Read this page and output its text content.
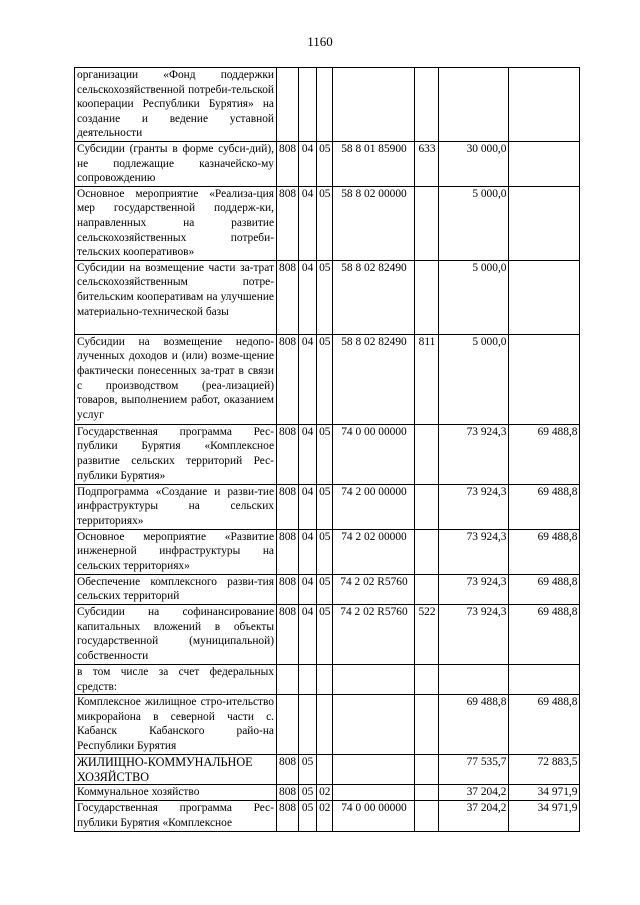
1160
организации «Фонд поддержки сельскохозяйственной потреби-тельской кооперации Республики Бурятия» на создание и ведение уставной деятельности							
Субсидии (гранты в форме субси-дий), не подлежащие казначейско-му сопровождению	808	04	05	58 8 01 85900	633	30 000,0	
Основное мероприятие «Реализа-ция мер государственной поддерж-ки, направленных на развитие сельскохозяйственных потреби-тельских кооперативов»	808	04	05	58 8 02 00000		5 000,0	
Субсидии на возмещение части за-трат сельскохозяйственным потре-бительским кооперативам на улучшение материально-технической базы	808	04	05	58 8 02 82490		5 000,0	
Субсидии на возмещение недопо-лученных доходов и (или) возме-щение фактически понесенных за-трат в связи с производством (реа-лизацией) товаров, выполнением работ, оказанием услуг	808	04	05	58 8 02 82490	811	5 000,0	
Государственная программа Рес-публики Бурятия «Комплексное развитие сельских территорий Рес-публики Бурятия»	808	04	05	74 0 00 00000		73 924,3	69 488,8
Подпрограмма «Создание и разви-тие инфраструктуры на сельских территориях»	808	04	05	74 2 00 00000		73 924,3	69 488,8
Основное мероприятие «Развитие инженерной инфраструктуры на сельских территориях»	808	04	05	74 2 02 00000		73 924,3	69 488,8
Обеспечение комплексного разви-тия сельских территорий	808	04	05	74 2 02 R5760		73 924,3	69 488,8
Субсидии на софинансирование капитальных вложений в объекты государственной (муниципальной) собственности	808	04	05	74 2 02 R5760	522	73 924,3	69 488,8
в том числе за счет федеральных средств:							
Комплексное жилищное стро-ительство микрорайона в северной части с. Кабанск Кабанского райо-на Республики Бурятия						69 488,8	69 488,8
ЖИЛИЩНО-КОММУНАЛЬНОЕ ХОЗЯЙСТВО	808	05				77 535,7	72 883,5
Коммунальное хозяйство	808	05	02			37 204,2	34 971,9
Государственная программа Рес-публики Бурятия «Комплексное	808	05	02	74 0 00 00000		37 204,2	34 971,9
